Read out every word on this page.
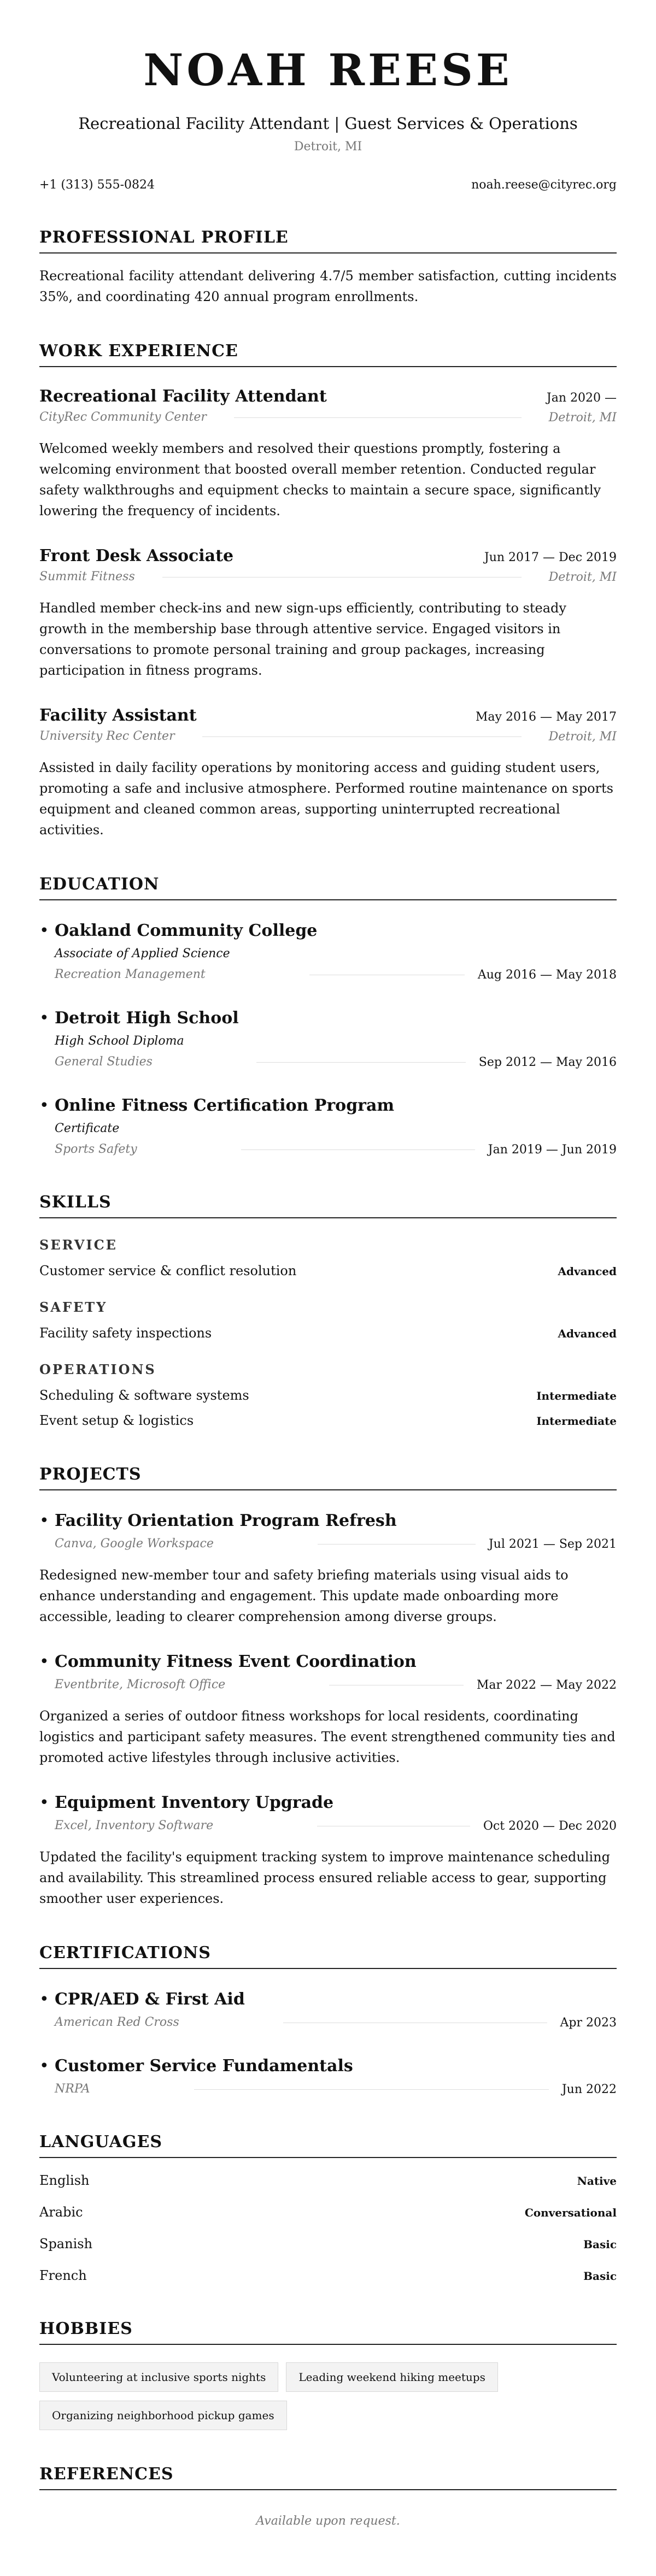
NOAH REESE
Recreational Facility Attendant | Guest Services & Operations
Detroit, MI
+1 (313) 555-0824	noah.reese@cityrec.org
PROFESSIONAL PROFILE
Recreational facility attendant delivering 4.7/5 member satisfaction, cutting incidents 35%, and coordinating 420 annual program enrollments.
WORK EXPERIENCE
Recreational Facility Attendant	Jan 2020 —
CityRec Community Center	Detroit, MI
Welcomed weekly members and resolved their questions promptly, fostering a welcoming environment that boosted overall member retention. Conducted regular safety walkthroughs and equipment checks to maintain a secure space, significantly lowering the frequency of incidents.
Front Desk Associate	Jun 2017 — Dec 2019
Summit Fitness	Detroit, MI
Handled member check-ins and new sign-ups efficiently, contributing to steady growth in the membership base through attentive service. Engaged visitors in conversations to promote personal training and group packages, increasing participation in fitness programs.
Facility Assistant	May 2016 — May 2017
University Rec Center	Detroit, MI
Assisted in daily facility operations by monitoring access and guiding student users, promoting a safe and inclusive atmosphere. Performed routine maintenance on sports equipment and cleaned common areas, supporting uninterrupted recreational activities.
EDUCATION
• Oakland Community College
Associate of Applied Science
Recreation Management	Aug 2016 — May 2018
• Detroit High School
High School Diploma
General Studies	Sep 2012 — May 2016
• Online Fitness Certification Program
Certificate
Sports Safety	Jan 2019 — Jun 2019
SKILLS
SERVICE
Customer service & conflict resolution	Advanced
SAFETY
Facility safety inspections	Advanced
OPERATIONS
Scheduling & software systems	Intermediate
Event setup & logistics	Intermediate
PROJECTS
• Facility Orientation Program Refresh
Canva, Google Workspace	Jul 2021 — Sep 2021
Redesigned new-member tour and safety briefing materials using visual aids to enhance understanding and engagement. This update made onboarding more accessible, leading to clearer comprehension among diverse groups.
• Community Fitness Event Coordination
Eventbrite, Microsoft Office	Mar 2022 — May 2022
Organized a series of outdoor fitness workshops for local residents, coordinating logistics and participant safety measures. The event strengthened community ties and promoted active lifestyles through inclusive activities.
• Equipment Inventory Upgrade
Excel, Inventory Software	Oct 2020 — Dec 2020
Updated the facility's equipment tracking system to improve maintenance scheduling and availability. This streamlined process ensured reliable access to gear, supporting smoother user experiences.
CERTIFICATIONS
• CPR/AED & First Aid
American Red Cross	Apr 2023
• Customer Service Fundamentals
NRPA	Jun 2022
LANGUAGES
English	Native
Arabic	Conversational
Spanish	Basic
French	Basic
HOBBIES
Volunteering at inclusive sports nights	Leading weekend hiking meetups
Organizing neighborhood pickup games
REFERENCES
Available upon request.
